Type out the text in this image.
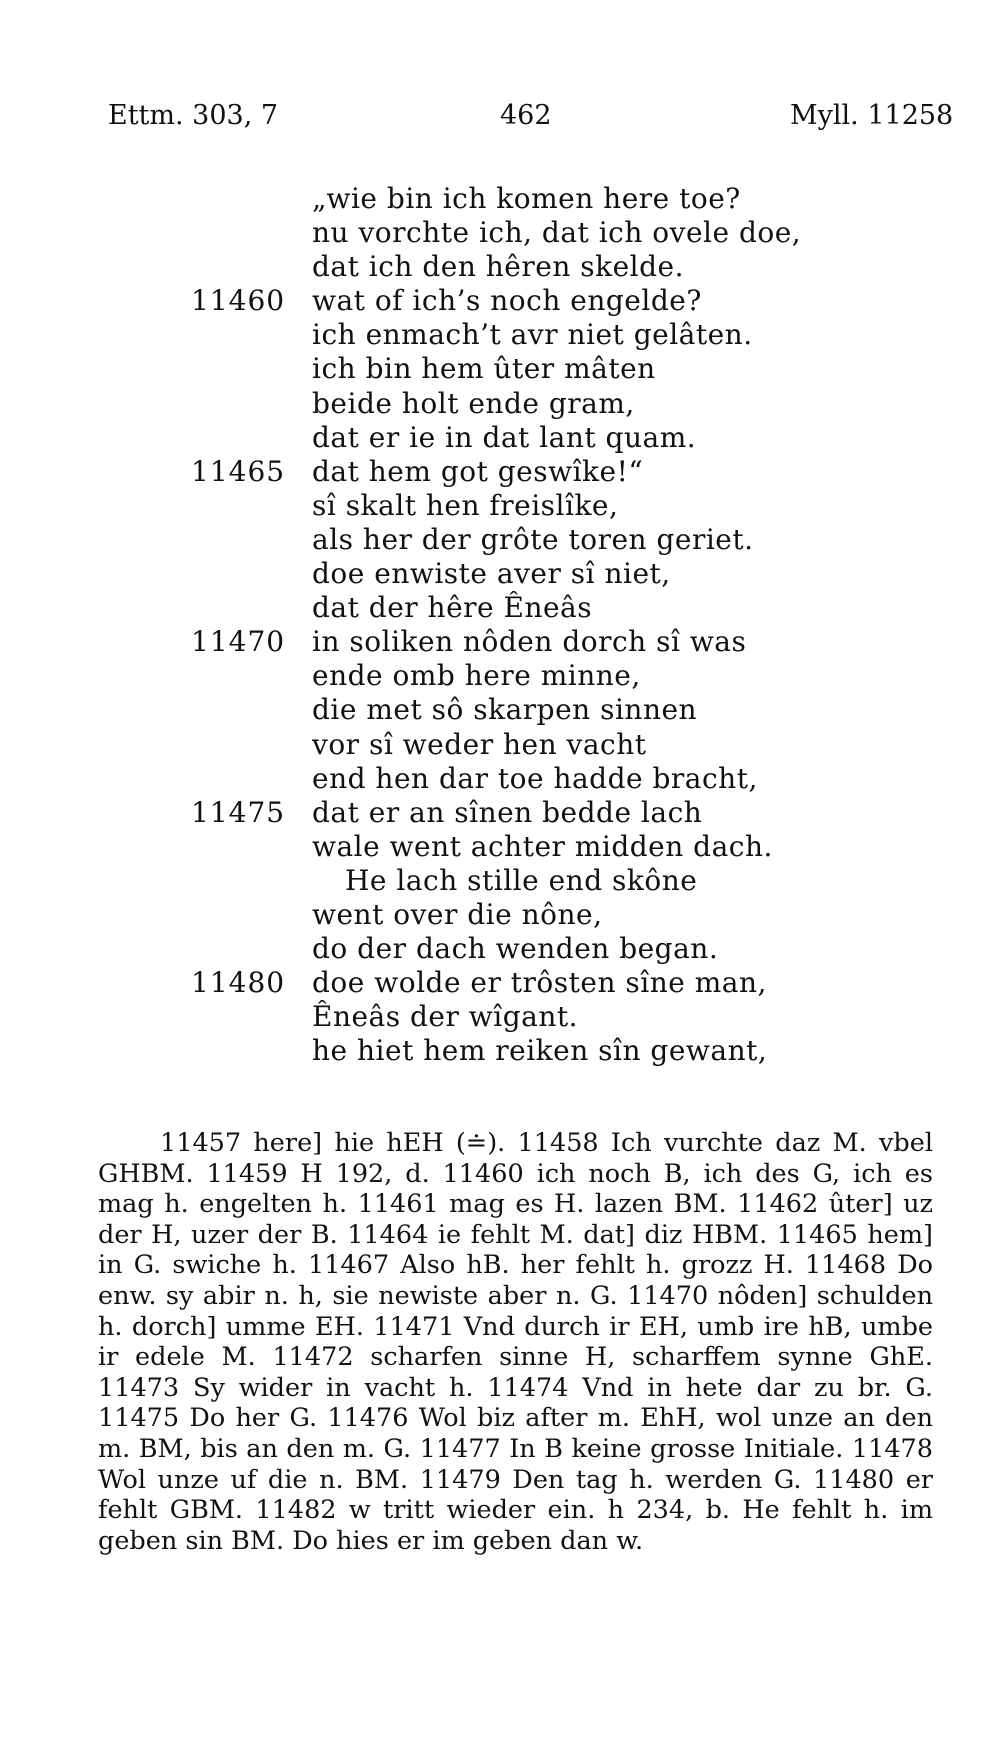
Ettm. 303, 7	462	Myll. 11258
„wie bin ich komen here toe?
nu vorchte ich, dat ich ovele doe,
dat ich den hêren skelde.
11460 wat of ich’s noch engelde?
ich enmach’t avr niet gelâten.
ich bin hem ûter mâten
beide holt ende gram,
dat er ie in dat lant quam.
11465 dat hem got geswîke!“
sî skalt hen freislîke,
als her der grôte toren geriet.
doe enwiste aver sî niet,
dat der hêre Êneâs
11470 in soliken nôden dorch sî was
ende omb here minne,
die met sô skarpen sinnen
vor sî weder hen vacht
end hen dar toe hadde bracht,
11475 dat er an sînen bedde lach
wale went achter midden dach.
He lach stille end skône
went over die nône,
do der dach wenden began.
11480 doe wolde er trôsten sîne man,
Êneâs der wîgant.
he hiet hem reiken sîn gewant,

11457 here] hie hEH (≐). 11458 Ich vurchte daz M. vbel GHBM. 11459 H 192, d. 11460 ich noch B, ich des G, ich es mag h. engelten h. 11461 mag es H. lazen BM. 11462 ûter] uz der H, uzer der B. 11464 ie fehlt M. dat] diz HBM. 11465 hem] in G. swiche h. 11467 Also hB. her fehlt h. grozz H. 11468 Do enw. sy abir n. h, sie newiste aber n. G. 11470 nôden] schulden h. dorch] umme EH. 11471 Vnd durch ir EH, umb ire hB, umbe ir edele M. 11472 scharfen sinne H, scharffem synne GhE. 11473 Sy wider in vacht h. 11474 Vnd in hete dar zu br. G. 11475 Do her G. 11476 Wol biz after m. EhH, wol unze an den m. BM, bis an den m. G. 11477 In B keine grosse Initiale. 11478 Wol unze uf die n. BM. 11479 Den tag h. werden G. 11480 er fehlt GBM. 11482 w tritt wieder ein. h 234, b. He fehlt h. im geben sin BM. Do hies er im geben dan w.
